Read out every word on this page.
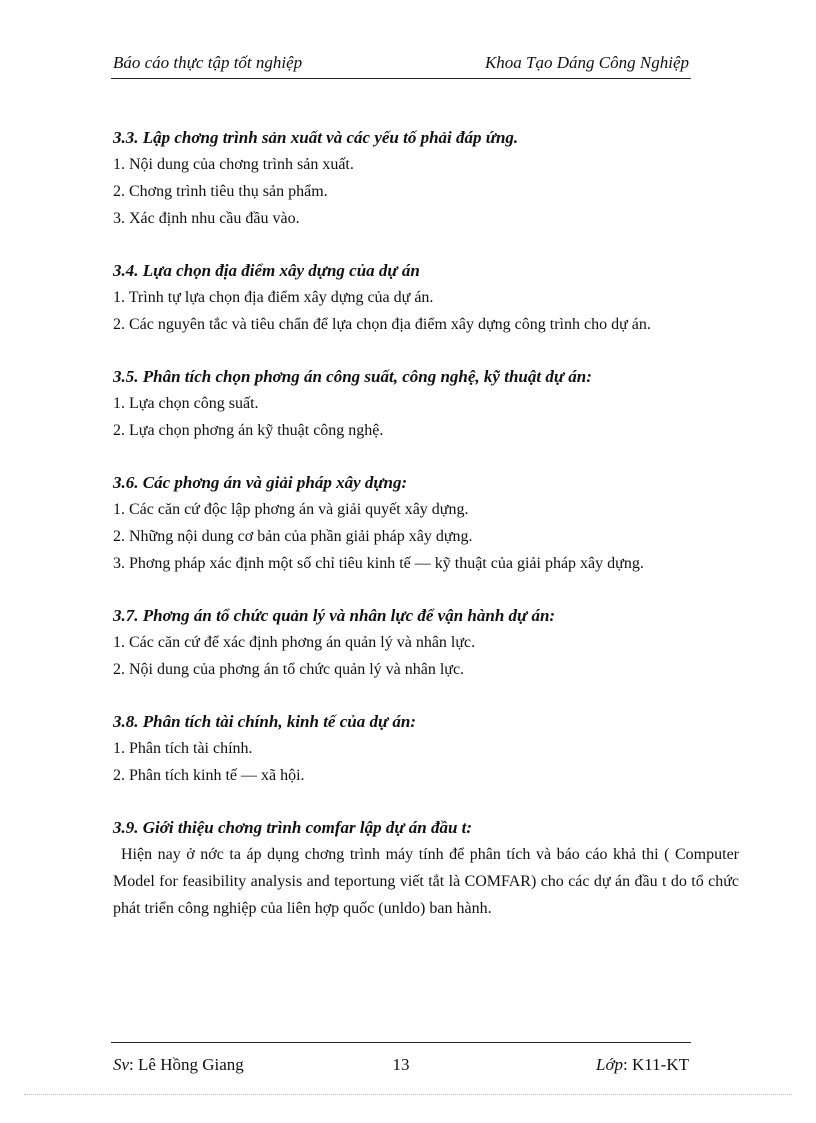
Báo cáo thực tập tốt nghiệp	Khoa Tạo Dáng Công Nghiệp
3.3. Lập chơng trình sản xuất và các yếu tố phải đáp ứng.

1. Nội dung của chơng trình sản xuất.

2. Chơng trình tiêu thụ sản phẩm.

3. Xác định nhu cầu đầu vào.

3.4. Lựa chọn địa điểm xây dựng của dự án

1. Trình tự lựa chọn địa điểm xây dựng của dự án.

2. Các nguyên tắc và tiêu chẩn để lựa chọn địa điểm xây dựng công trình cho dự án.

3.5. Phân tích chọn phơng án công suất, công nghệ, kỹ thuật dự án:

1. Lựa chọn công suất.

2. Lựa chọn phơng án kỹ thuật công nghệ.

3.6. Các phơng án và giải pháp xây dựng:

1. Các căn cứ độc lập phơng án và giải quyết xây dựng.

2. Những nội dung cơ bản của phần giải pháp xây dựng.

3. Phơng pháp xác định một số chỉ tiêu kinh tế — kỹ thuật của giải pháp xây dựng.

3.7. Phơng án tổ chức quản lý và nhân lực để vận hành dự án:

1. Các căn cứ để xác định phơng án quản lý và nhân lực.

2. Nội dung của phơng án tổ chức quản lý và nhân lực.

3.8. Phân tích tài chính, kinh tế của dự án:

1. Phân tích tài chính.

2. Phân tích kinh tế — xã hội.

3.9. Giới thiệu chơng trình comfar lập dự án đầu t:

Hiện nay ở nớc ta áp dụng chơng trình máy tính để phân tích và báo cáo khả thi ( Computer Model for feasibility analysis and teportung viết tắt là COMFAR) cho các dự án đầu t do tổ chức phát triển công nghiệp của liên hợp quốc (unldo) ban hành.

Sv: Lê Hồng Giang	13	Lớp: K11-KT
